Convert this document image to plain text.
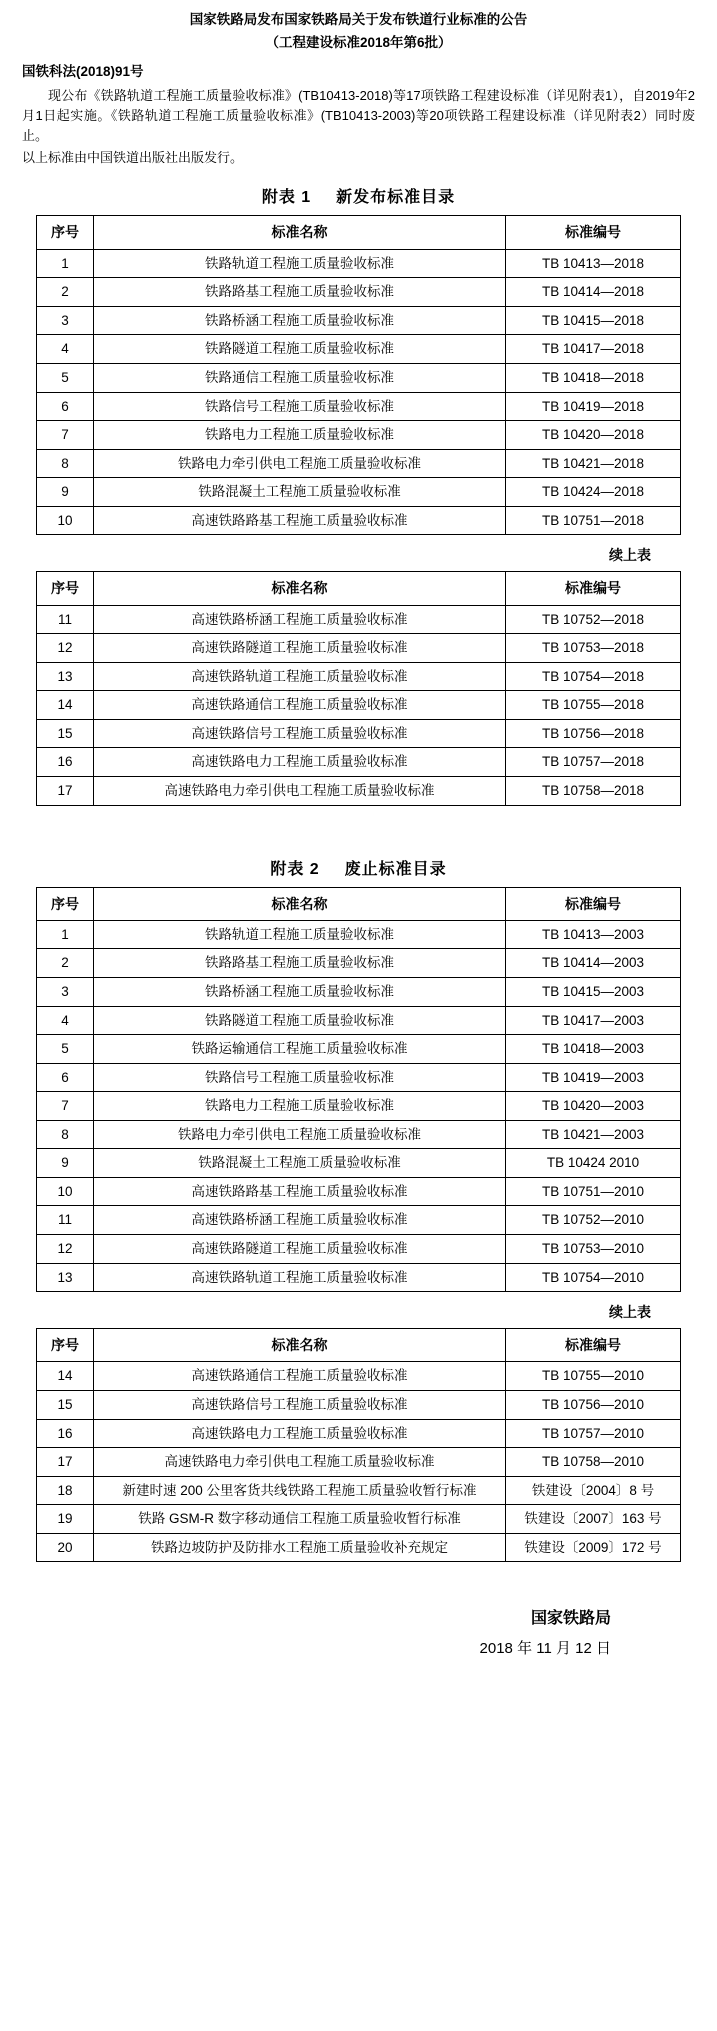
国家铁路局发布国家铁路局关于发布铁道行业标准的公告
（工程建设标准2018年第6批）
国铁科法(2018)91号
现公布《铁路轨道工程施工质量验收标准》(TB10413-2018)等17项铁路工程建设标准（详见附表1），自2019年2月1日起实施。《铁路轨道工程施工质量验收标准》(TB10413-2003)等20项铁路工程建设标准（详见附表2）同时废止。
以上标准由中国铁道出版社出版发行。
附表 1 新发布标准目录
序号	标准名称	标准编号
1	铁路轨道工程施工质量验收标准	TB 10413—2018
2	铁路路基工程施工质量验收标准	TB 10414—2018
3	铁路桥涵工程施工质量验收标准	TB 10415—2018
4	铁路隧道工程施工质量验收标准	TB 10417—2018
5	铁路通信工程施工质量验收标准	TB 10418—2018
6	铁路信号工程施工质量验收标准	TB 10419—2018
7	铁路电力工程施工质量验收标准	TB 10420—2018
8	铁路电力牵引供电工程施工质量验收标准	TB 10421—2018
9	铁路混凝土工程施工质量验收标准	TB 10424—2018
10	高速铁路路基工程施工质量验收标准	TB 10751—2018
续上表
序号	标准名称	标准编号
11	高速铁路桥涵工程施工质量验收标准	TB 10752—2018
12	高速铁路隧道工程施工质量验收标准	TB 10753—2018
13	高速铁路轨道工程施工质量验收标准	TB 10754—2018
14	高速铁路通信工程施工质量验收标准	TB 10755—2018
15	高速铁路信号工程施工质量验收标准	TB 10756—2018
16	高速铁路电力工程施工质量验收标准	TB 10757—2018
17	高速铁路电力牵引供电工程施工质量验收标准	TB 10758—2018
附表 2 废止标准目录
序号	标准名称	标准编号
1	铁路轨道工程施工质量验收标准	TB 10413—2003
2	铁路路基工程施工质量验收标准	TB 10414—2003
3	铁路桥涵工程施工质量验收标准	TB 10415—2003
4	铁路隧道工程施工质量验收标准	TB 10417—2003
5	铁路运输通信工程施工质量验收标准	TB 10418—2003
6	铁路信号工程施工质量验收标准	TB 10419—2003
7	铁路电力工程施工质量验收标准	TB 10420—2003
8	铁路电力牵引供电工程施工质量验收标准	TB 10421—2003
9	铁路混凝土工程施工质量验收标准	TB 10424 2010
10	高速铁路路基工程施工质量验收标准	TB 10751—2010
11	高速铁路桥涵工程施工质量验收标准	TB 10752—2010
12	高速铁路隧道工程施工质量验收标准	TB 10753—2010
13	高速铁路轨道工程施工质量验收标准	TB 10754—2010
续上表
序号	标准名称	标准编号
14	高速铁路通信工程施工质量验收标准	TB 10755—2010
15	高速铁路信号工程施工质量验收标准	TB 10756—2010
16	高速铁路电力工程施工质量验收标准	TB 10757—2010
17	高速铁路电力牵引供电工程施工质量验收标准	TB 10758—2010
18	新建时速 200 公里客货共线铁路工程施工质量验收暂行标准	铁建设〔2004〕8 号
19	铁路 GSM-R 数字移动通信工程施工质量验收暂行标准	铁建设〔2007〕163 号
20	铁路边坡防护及防排水工程施工质量验收补充规定	铁建设〔2009〕172 号
国家铁路局
2018 年 11 月 12 日
